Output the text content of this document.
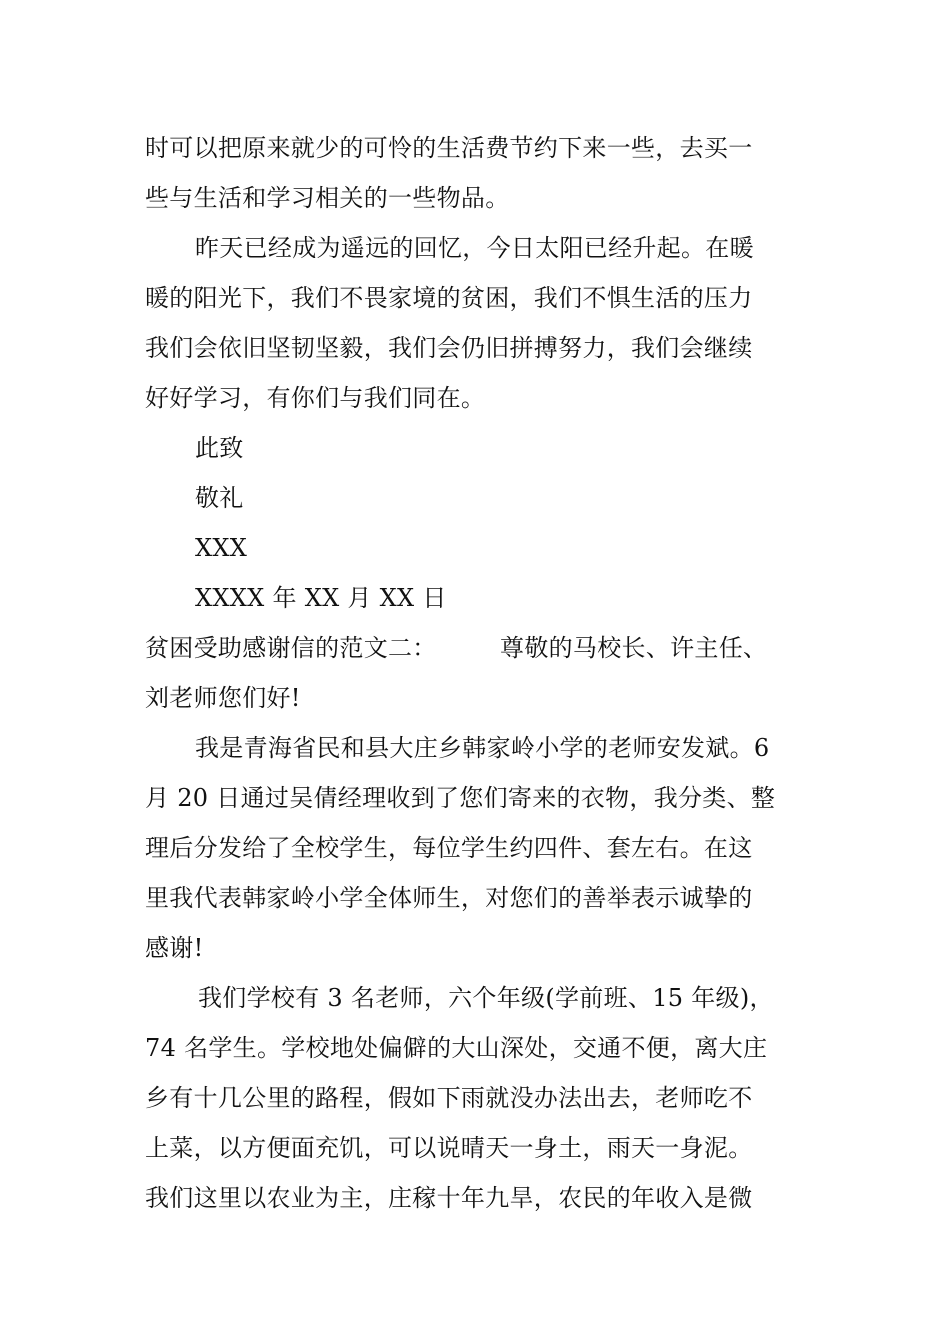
时可以把原来就少的可怜的生活费节约下来一些，去买一
些与生活和学习相关的一些物品。
昨天已经成为遥远的回忆，今日太阳已经升起。在暖
暖的阳光下，我们不畏家境的贫困，我们不惧生活的压力
我们会依旧坚韧坚毅，我们会仍旧拼搏努力，我们会继续
好好学习，有你们与我们同在。
此致
敬礼
XXX
XXXX 年 XX 月 XX 日
贫困受助感谢信的范文二：        尊敬的马校长、许主任、
刘老师您们好!
我是青海省民和县大庄乡韩家岭小学的老师安发斌。6
月 20 日通过吴倩经理收到了您们寄来的衣物，我分类、整
理后分发给了全校学生，每位学生约四件、套左右。在这
里我代表韩家岭小学全体师生，对您们的善举表示诚挚的
感谢!
我们学校有 3 名老师，六个年级(学前班、15 年级)，
74 名学生。学校地处偏僻的大山深处，交通不便，离大庄
乡有十几公里的路程，假如下雨就没办法出去，老师吃不
上菜，以方便面充饥，可以说晴天一身土，雨天一身泥。
我们这里以农业为主，庄稼十年九旱，农民的年收入是微
